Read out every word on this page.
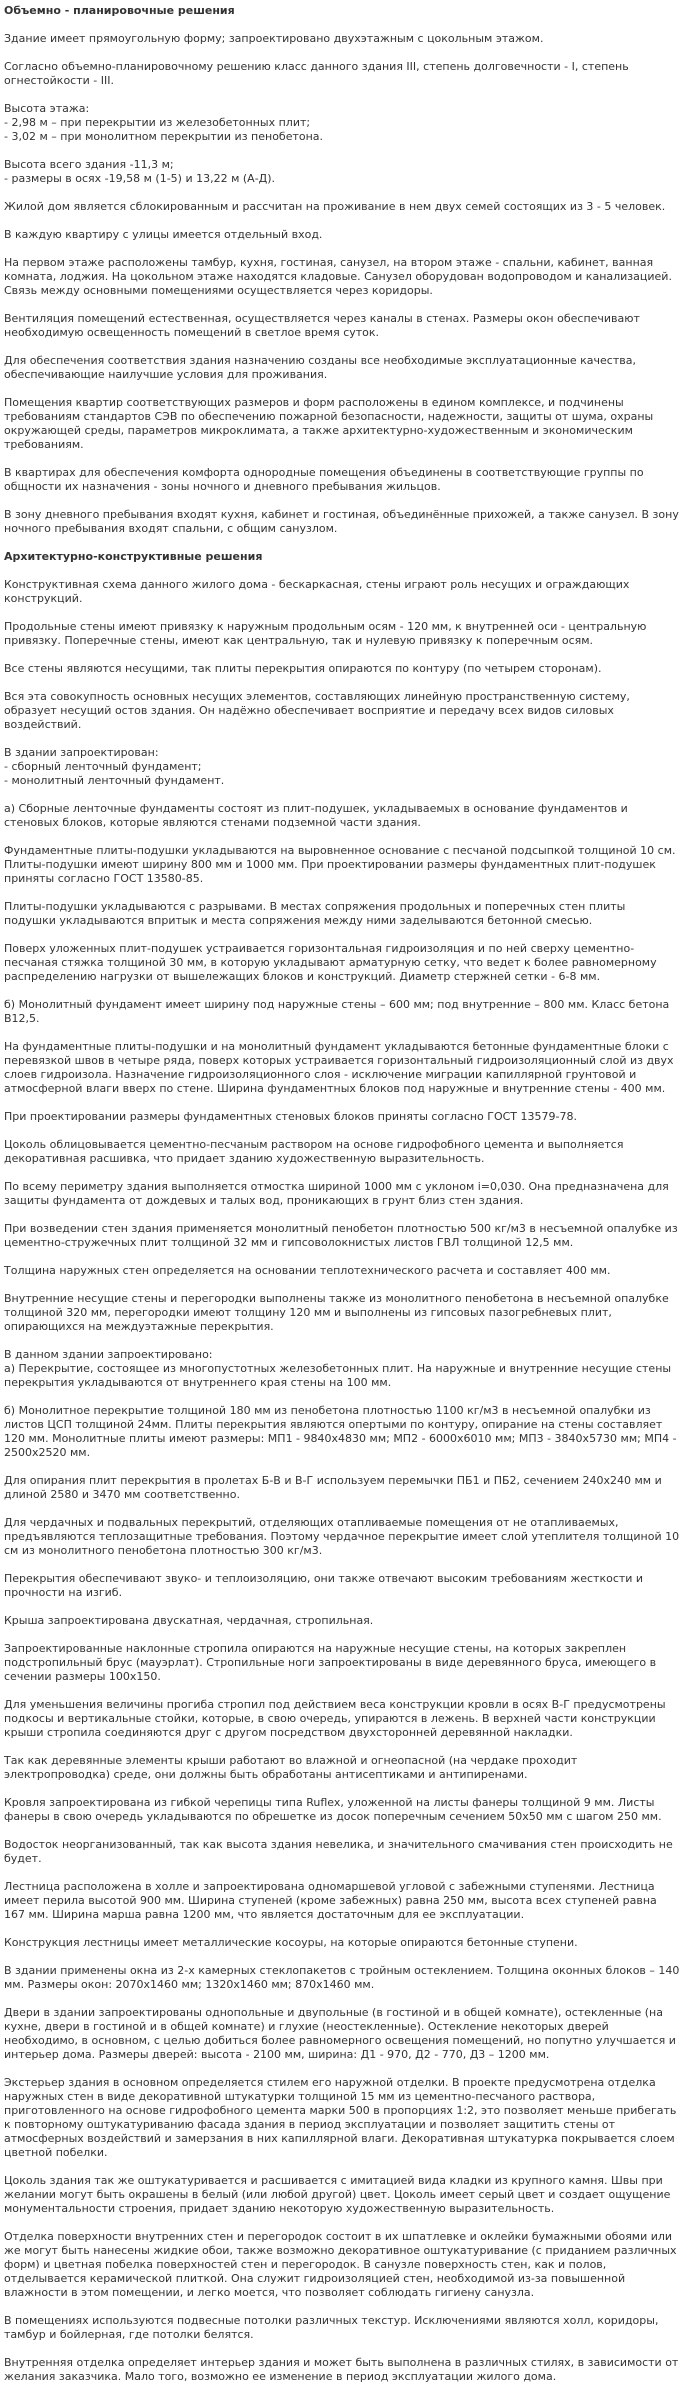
Объемно - планировочные решения

Здание имеет прямоугольную форму; запроектировано двухэтажным с цокольным этажом.

Согласно объемно-планировочному решению класс данного здания III, степень долговечности - I, степень огнестойкости - III.

Высота этажа:
- 2,98 м – при перекрытии из железобетонных плит;
- 3,02 м – при монолитном перекрытии из пенобетона.

Высота всего здания -11,3 м;
- размеры в осях -19,58 м (1-5) и 13,22 м (А-Д).

Жилой дом является сблокированным и рассчитан на проживание в нем двух семей состоящих из 3 - 5 человек.

В каждую квартиру с улицы имеется отдельный вход.

На первом этаже расположены тамбур, кухня, гостиная, санузел, на втором этаже - спальни, кабинет, ванная комната, лоджия. На цокольном этаже находятся кладовые. Санузел оборудован водопроводом и канализацией. Связь между основными помещениями осуществляется через коридоры.

Вентиляция помещений естественная, осуществляется через каналы в стенах. Размеры окон обеспечивают необходимую освещенность помещений в светлое время суток.

Для обеспечения соответствия здания назначению созданы все необходимые эксплуатационные качества, обеспечивающие наилучшие условия для проживания.

Помещения квартир соответствующих размеров и форм расположены в едином комплексе, и подчинены требованиям стандартов СЭВ по обеспечению пожарной безопасности, надежности, защиты от шума, охраны окружающей среды, параметров микроклимата, а также архитектурно-художественным и экономическим требованиям.

В квартирах для обеспечения комфорта однородные помещения объединены в соответствующие группы по общности их назначения - зоны ночного и дневного пребывания жильцов.

В зону дневного пребывания входят кухня, кабинет и гостиная, объединённые прихожей, а также санузел. В зону ночного пребывания входят спальни, с общим санузлом.

Архитектурно-конструктивные решения

Конструктивная схема данного жилого дома - бескаркасная, стены играют роль несущих и ограждающих конструкций.

Продольные стены имеют привязку к наружным продольным осям - 120 мм, к внутренней оси - центральную привязку. Поперечные стены, имеют как центральную, так и нулевую привязку к поперечным осям.

Все стены являются несущими, так плиты перекрытия опираются по контуру (по четырем сторонам).

Вся эта совокупность основных несущих элементов, составляющих линейную пространственную систему, образует несущий остов здания. Он надёжно обеспечивает восприятие и передачу всех видов силовых воздействий.

В здании запроектирован:
- сборный ленточный фундамент;
- монолитный ленточный фундамент.

а) Сборные ленточные фундаменты состоят из плит-подушек, укладываемых в основание фундаментов и стеновых блоков, которые являются стенами подземной части здания.

Фундаментные плиты-подушки укладываются на выровненное основание с песчаной подсыпкой толщиной 10 см. Плиты-подушки имеют ширину 800 мм и 1000 мм. При проектировании размеры фундаментных плит-подушек приняты согласно ГОСТ 13580-85.

Плиты-подушки укладываются с разрывами. В местах сопряжения продольных и поперечных стен плиты подушки укладываются впритык и места сопряжения между ними заделываются бетонной смесью.

Поверх уложенных плит-подушек устраивается горизонтальная гидроизоляция и по ней сверху цементно-песчаная стяжка толщиной 30 мм, в которую укладывают арматурную сетку, что ведет к более равномерному распределению нагрузки от вышележащих блоков и конструкций. Диаметр стержней сетки - 6-8 мм.

б) Монолитный фундамент имеет ширину под наружные стены – 600 мм; под внутренние – 800 мм. Класс бетона В12,5.

На фундаментные плиты-подушки и на монолитный фундамент укладываются бетонные фундаментные блоки с перевязкой швов в четыре ряда, поверх которых устраивается горизонтальный гидроизоляционный слой из двух слоев гидроизола. Назначение гидроизоляционного слоя - исключение миграции капиллярной грунтовой и атмосферной влаги вверх по стене. Ширина фундаментных блоков под наружные и внутренние стены - 400 мм.

При проектировании размеры фундаментных стеновых блоков приняты согласно ГОСТ 13579-78.

Цоколь облицовывается цементно-песчаным раствором на основе гидрофобного цемента и выполняется декоративная расшивка, что придает зданию художественную выразительность.

По всему периметру здания выполняется отмостка шириной 1000 мм с уклоном i=0,030. Она предназначена для защиты фундамента от дождевых и талых вод, проникающих в грунт близ стен здания.

При возведении стен здания применяется монолитный пенобетон плотностью 500 кг/м3 в несъемной опалубке из цементно-стружечных плит толщиной 32 мм и гипсоволокнистых листов ГВЛ толщиной 12,5 мм.

Толщина наружных стен определяется на основании теплотехнического расчета и составляет 400 мм.

Внутренние несущие стены и перегородки выполнены также из монолитного пенобетона в несъемной опалубке толщиной 320 мм, перегородки имеют толщину 120 мм и выполнены из гипсовых пазогребневых плит, опирающихся на междуэтажные перекрытия.

В данном здании запроектировано:
а) Перекрытие, состоящее из многопустотных железобетонных плит. На наружные и внутренние несущие стены перекрытия укладываются от внутреннего края стены на 100 мм.

б) Монолитное перекрытие толщиной 180 мм из пенобетона плотностью 1100 кг/м3 в несъемной опалубки из листов ЦСП толщиной 24мм. Плиты перекрытия являются опертыми по контуру, опирание на стены составляет 120 мм. Монолитные плиты имеют размеры: МП1 - 9840х4830 мм; МП2 - 6000х6010 мм; МП3 - 3840х5730 мм; МП4 - 2500х2520 мм.

Для опирания плит перекрытия в пролетах Б-В и В-Г используем перемычки ПБ1 и ПБ2, сечением 240х240 мм и длиной 2580 и 3470 мм соответственно.

Для чердачных и подвальных перекрытий, отделяющих отапливаемые помещения от не отапливаемых, предъявляются теплозащитные требования. Поэтому чердачное перекрытие имеет слой утеплителя толщиной 10 см из монолитного пенобетона плотностью 300 кг/м3.

Перекрытия обеспечивают звуко- и теплоизоляцию, они также отвечают высоким требованиям жесткости и прочности на изгиб.

Крыша запроектирована двускатная, чердачная, стропильная.

Запроектированные наклонные стропила опираются на наружные несущие стены, на которых закреплен подстропильный брус (мауэрлат). Стропильные ноги запроектированы в виде деревянного бруса, имеющего в сечении размеры 100х150.

Для уменьшения величины прогиба стропил под действием веса конструкции кровли в осях В-Г предусмотрены подкосы и вертикальные стойки, которые, в свою очередь, упираются в лежень. В верхней части конструкции крыши стропила соединяются друг с другом посредством двухсторонней деревянной накладки.

Так как деревянные элементы крыши работают во влажной и огнеопасной (на чердаке проходит электропроводка) среде, они должны быть обработаны антисептиками и антипиренами.

Кровля запроектирована из гибкой черепицы типа Ruflex, уложенной на листы фанеры толщиной 9 мм. Листы фанеры в свою очередь укладываются по обрешетке из досок поперечным сечением 50х50 мм с шагом 250 мм.

Водосток неорганизованный, так как высота здания невелика, и значительного смачивания стен происходить не будет.

Лестница расположена в холле и запроектирована одномаршевой угловой с забежными ступенями. Лестница имеет перила высотой 900 мм. Ширина ступеней (кроме забежных) равна 250 мм, высота всех ступеней равна 167 мм. Ширина марша равна 1200 мм, что является достаточным для ее эксплуатации.

Конструкция лестницы имеет металлические косоуры, на которые опираются бетонные ступени.

В здании применены окна из 2-х камерных стеклопакетов с тройным остеклением. Толщина оконных блоков – 140 мм. Размеры окон: 2070х1460 мм; 1320х1460 мм; 870х1460 мм.

Двери в здании запроектированы однопольные и двупольные (в гостиной и в общей комнате), остекленные (на кухне, двери в гостиной и в общей комнате) и глухие (неостекленные). Остекление некоторых дверей необходимо, в основном, с целью добиться более равномерного освещения помещений, но попутно улучшается и интерьер дома. Размеры дверей: высота - 2100 мм, ширина: Д1 - 970, Д2 - 770, Д3 – 1200 мм.

Экстерьер здания в основном определяется стилем его наружной отделки. В проекте предусмотрена отделка наружных стен в виде декоративной штукатурки толщиной 15 мм из цементно-песчаного раствора, приготовленного на основе гидрофобного цемента марки 500 в пропорциях 1:2, это позволяет меньше прибегать к повторному оштукатуриванию фасада здания в период эксплуатации и позволяет защитить стены от атмосферных воздействий и замерзания в них капиллярной влаги. Декоративная штукатурка покрывается слоем цветной побелки.

Цоколь здания так же оштукатуривается и расшивается с имитацией вида кладки из крупного камня. Швы при желании могут быть окрашены в белый (или любой другой) цвет. Цоколь имеет серый цвет и создает ощущение монументальности строения, придает зданию некоторую художественную выразительность.

Отделка поверхности внутренних стен и перегородок состоит в их шпатлевке и оклейки бумажными обоями или же могут быть нанесены жидкие обои, также возможно декоративное оштукатуривание (с приданием различных форм) и цветная побелка поверхностей стен и перегородок. В санузле поверхность стен, как и полов, отделывается керамической плиткой. Она служит гидроизоляцией стен, необходимой из-за повышенной влажности в этом помещении, и легко моется, что позволяет соблюдать гигиену санузла.

В помещениях используются подвесные потолки различных текстур. Исключениями являются холл, коридоры, тамбур и бойлерная, где потолки белятся.

Внутренняя отделка определяет интерьер здания и может быть выполнена в различных стилях, в зависимости от желания заказчика. Мало того, возможно ее изменение в период эксплуатации жилого дома.
